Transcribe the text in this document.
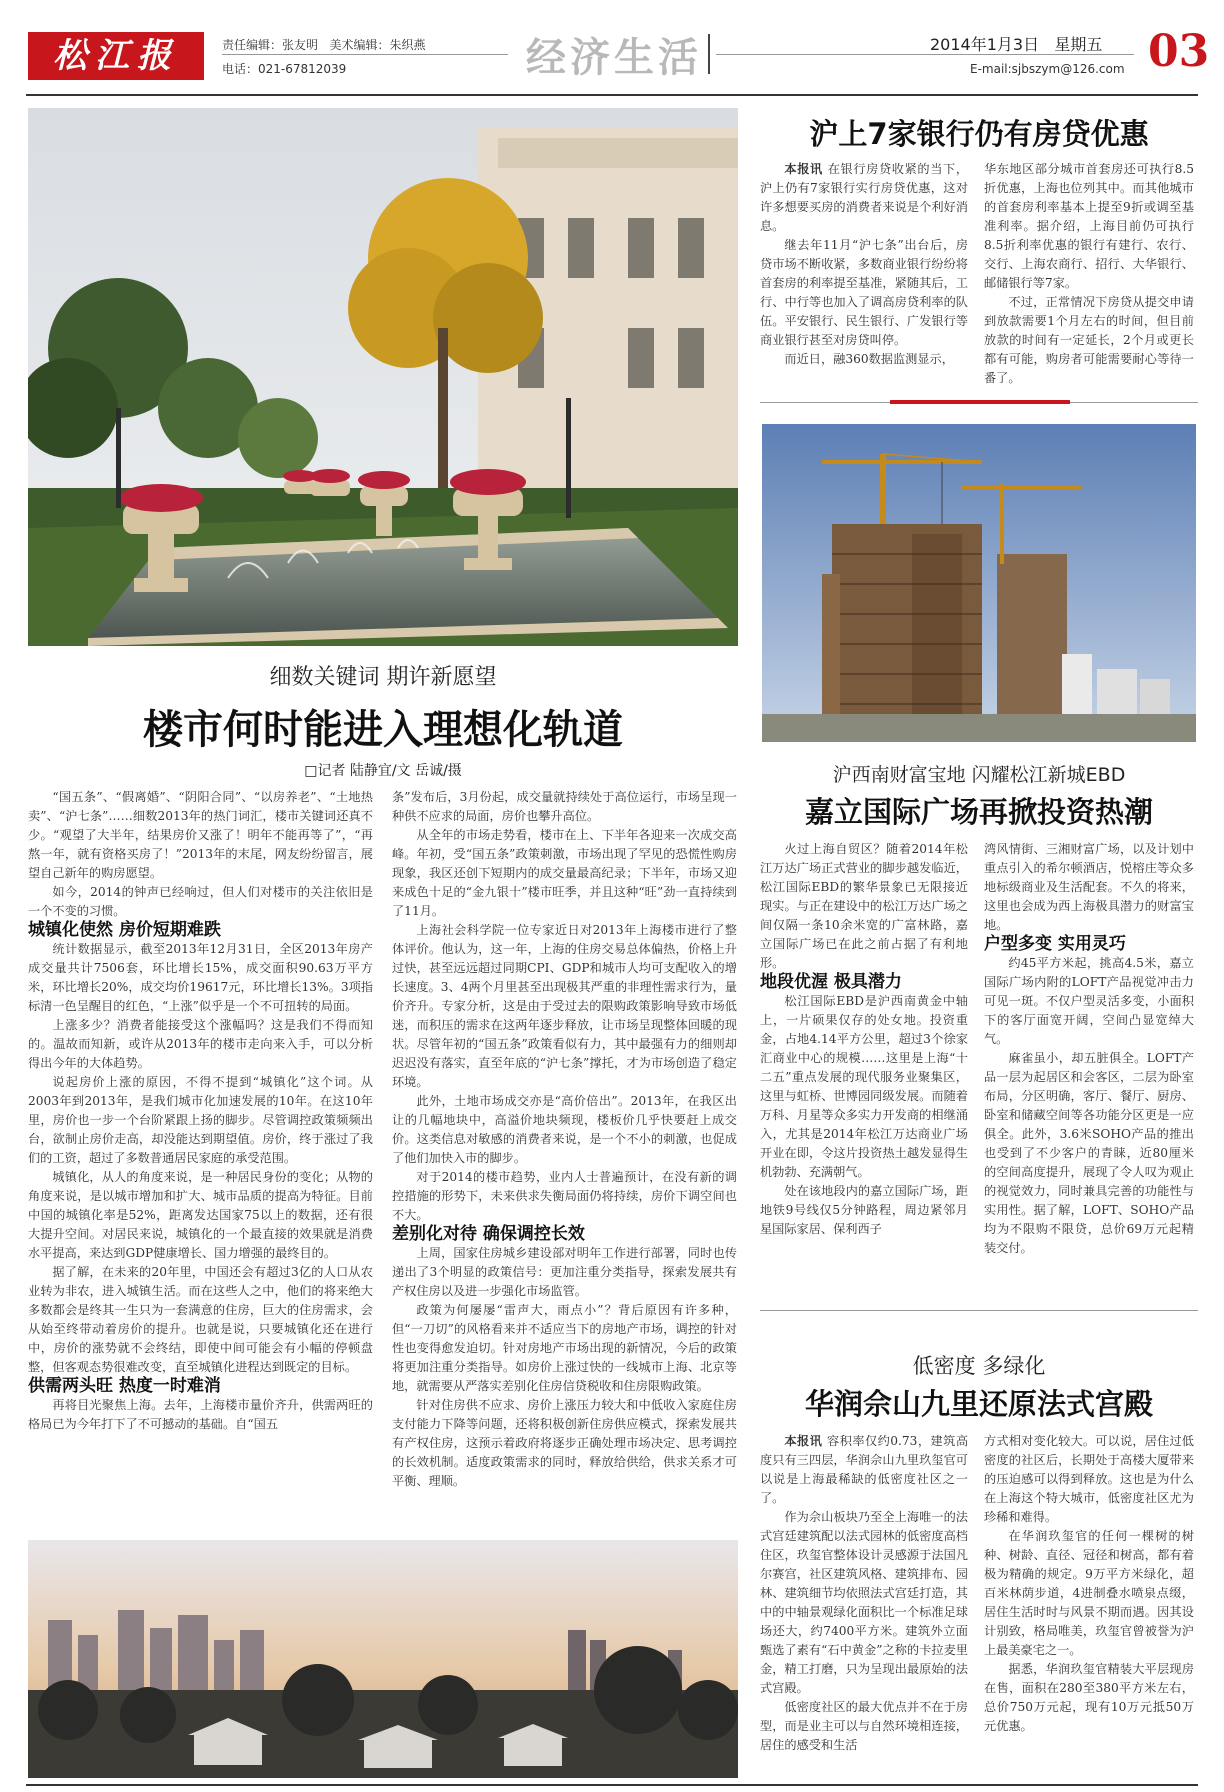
松江报	责任编辑：张友明 美术编辑：朱织燕
电话：021-67812039	经济生活	2014年1月3日 星期五
E-mail:sjbszym@126.com 03
细数关键词 期许新愿望
楼市何时能进入理想化轨道
□记者 陆静宜/文 岳诚/摄

“国五条”、“假离婚”、“阴阳合同”、“以房养老”、“土地热卖”、“沪七条”……细数2013年的热门词汇，楼市关键词还真不少。“观望了大半年，结果房价又涨了！明年不能再等了”，“再熬一年，就有资格买房了！”2013年的末尾，网友纷纷留言，展望自己新年的购房愿望。

如今，2014的钟声已经响过，但人们对楼市的关注依旧是一个不变的习惯。

城镇化使然 房价短期难跌

统计数据显示，截至2013年12月31日，全区2013年房产成交量共计7506套，环比增长15%，成交面积90.63万平方米，环比增长20%，成交均价19617元，环比增长13%。3项指标清一色呈醒目的红色，“上涨”似乎是一个不可扭转的局面。

上涨多少？消费者能接受这个涨幅吗？这是我们不得而知的。温故而知新，或许从2013年的楼市走向来入手，可以分析得出今年的大体趋势。

说起房价上涨的原因，不得不提到“城镇化”这个词。从2003年到2013年，是我们城市化加速发展的10年。在这10年里，房价也一步一个台阶紧跟上扬的脚步。尽管调控政策频频出台，欲制止房价走高，却没能达到期望值。房价，终于涨过了我们的工资，超过了多数普通居民家庭的承受范围。

城镇化，从人的角度来说，是一种居民身份的变化；从物的角度来说，是以城市增加和扩大、城市品质的提高为特征。目前中国的城镇化率是52%，距离发达国家75以上的数据，还有很大提升空间。对居民来说，城镇化的一个最直接的效果就是消费水平提高，来达到GDP健康增长、国力增强的最终目的。

据了解，在未来的20年里，中国还会有超过3亿的人口从农业转为非农，进入城镇生活。而在这些人之中，他们的将来绝大多数都会是终其一生只为一套满意的住房，巨大的住房需求，会从始至终带动着房价的提升。也就是说，只要城镇化还在进行中，房价的涨势就不会终结，即使中间可能会有小幅的停顿盘整，但客观态势很难改变，直至城镇化进程达到既定的目标。

供需两头旺 热度一时难消

再将目光聚焦上海。去年，上海楼市量价齐升，供需两旺的格局已为今年打下了不可撼动的基础。自“国五

条”发布后，3月份起，成交量就持续处于高位运行，市场呈现一种供不应求的局面，房价也攀升高位。

从全年的市场走势看，楼市在上、下半年各迎来一次成交高峰。年初，受“国五条”政策刺激，市场出现了罕见的恐慌性购房现象，我区还创下短期内的成交量最高纪录；下半年，市场又迎来成色十足的“金九银十”楼市旺季，并且这种“旺”劲一直持续到了11月。

上海社会科学院一位专家近日对2013年上海楼市进行了整体评价。他认为，这一年，上海的住房交易总体偏热，价格上升过快，甚至远远超过同期CPI、GDP和城市人均可支配收入的增长速度。3、4两个月里甚至出现极其严重的非理性需求行为，量价齐升。专家分析，这是由于受过去的限购政策影响导致市场低迷，而积压的需求在这两年逐步释放，让市场呈现整体回暖的现状。尽管年初的“国五条”政策看似有力，其中最强有力的细则却迟迟没有落实，直至年底的“沪七条”撑托，才为市场创造了稳定环境。

此外，土地市场成交亦是“高价倍出”。2013年，在我区出让的几幅地块中，高溢价地块频现，楼板价几乎快要赶上成交价。这类信息对敏感的消费者来说，是一个不小的刺激，也促成了他们加快入市的脚步。

对于2014的楼市趋势，业内人士普遍预计，在没有新的调控措施的形势下，未来供求失衡局面仍将持续，房价下调空间也不大。

差别化对待 确保调控长效

上周，国家住房城乡建设部对明年工作进行部署，同时也传递出了3个明显的政策信号：更加注重分类指导，探索发展共有产权住房以及进一步强化市场监管。

政策为何屡屡“雷声大，雨点小”？背后原因有许多种，但“一刀切”的风格看来并不适应当下的房地产市场，调控的针对性也变得愈发迫切。针对房地产市场出现的新情况，今后的政策将更加注重分类指导。如房价上涨过快的一线城市上海、北京等地，就需要从严落实差别化住房信贷税收和住房限购政策。

针对住房供不应求、房价上涨压力较大和中低收入家庭住房支付能力下降等问题，还将积极创新住房供应模式，探索发展共有产权住房，这预示着政府将逐步正确处理市场决定、思考调控的长效机制。适度政策需求的同时，释放给供给，供求关系才可平衡、理顺。

沪上7家银行仍有房贷优惠

本报讯 在银行房贷收紧的当下，沪上仍有7家银行实行房贷优惠，这对许多想要买房的消费者来说是个利好消息。

继去年11月“沪七条”出台后，房贷市场不断收紧，多数商业银行纷纷将首套房的利率提至基准，紧随其后，工行、中行等也加入了调高房贷利率的队伍。平安银行、民生银行、广发银行等商业银行甚至对房贷叫停。

而近日，融360数据监测显示，

华东地区部分城市首套房还可执行8.5折优惠，上海也位列其中。而其他城市的首套房利率基本上提至9折或调至基准利率。据介绍，上海目前仍可执行8.5折利率优惠的银行有建行、农行、交行、上海农商行、招行、大华银行、邮储银行等7家。

不过，正常情况下房贷从提交申请到放款需要1个月左右的时间，但目前放款的时间有一定延长，2个月或更长都有可能，购房者可能需要耐心等待一番了。

沪西南财富宝地 闪耀松江新城EBD
嘉立国际广场再掀投资热潮

火过上海自贸区？随着2014年松江万达广场正式营业的脚步越发临近，松江国际EBD的繁华景象已无限接近现实。与正在建设中的松江万达广场之间仅隔一条10余米宽的广富林路，嘉立国际广场已在此之前占据了有利地形。

地段优渥 极具潜力

松江国际EBD是沪西南黄金中轴上，一片硕果仅存的处女地。投资重金，占地4.14平方公里，超过3个徐家汇商业中心的规模……这里是上海“十二五”重点发展的现代服务业聚集区，这里与虹桥、世博园同级发展。而随着万科、月星等众多实力开发商的相继涌入，尤其是2014年松江万达商业广场开业在即，令这片投资热土越发显得生机勃勃、充满朝气。

处在该地段内的嘉立国际广场，距地铁9号线仅5分钟路程，周边紧邻月星国际家居、保利西子

湾风情街、三湘财富广场，以及计划中重点引入的希尔顿酒店，悦榕庄等众多地标级商业及生活配套。不久的将来，这里也会成为西上海极具潜力的财富宝地。

户型多变 实用灵巧

约45平方米起，挑高4.5米，嘉立国际广场内附的LOFT产品视觉冲击力可见一斑。不仅户型灵活多变，小面积下的客厅面宽开阔，空间凸显宽绰大气。

麻雀虽小，却五脏俱全。LOFT产品一层为起居区和会客区，二层为卧室布局，分区明确，客厅、餐厅、厨房、卧室和储藏空间等各功能分区更是一应俱全。此外，3.6米SOHO产品的推出也受到了不少客户的青睐，近80厘米的空间高度提升，展现了令人叹为观止的视觉效力，同时兼具完善的功能性与实用性。据了解，LOFT、SOHO产品均为不限购不限贷，总价69万元起精装交付。

低密度 多绿化
华润佘山九里还原法式宫殿

本报讯 容积率仅约0.73，建筑高度只有三四层，华润佘山九里玖玺官可以说是上海最稀缺的低密度社区之一了。

作为佘山板块乃至全上海唯一的法式宫廷建筑配以法式园林的低密度高档住区，玖玺官整体设计灵感源于法国凡尔赛宫，社区建筑风格、建筑排布、园林、建筑细节均依照法式宫廷打造，其中的中轴景观绿化面积比一个标准足球场还大，约7400平方米。建筑外立面甄选了素有“石中黄金”之称的卡拉麦里金，精工打磨，只为呈现出最原始的法式宫殿。

低密度社区的最大优点并不在于房型，而是业主可以与自然环境相连接，居住的感受和生活

方式相对变化较大。可以说，居住过低密度的社区后，长期处于高楼大厦带来的压迫感可以得到释放。这也是为什么在上海这个特大城市，低密度社区尤为珍稀和难得。

在华润玖玺官的任何一棵树的树种、树龄、直径、冠径和树高，都有着极为精确的规定。9万平方米绿化，超百米林荫步道，4进制叠水喷泉点缀，居住生活时时与风景不期而遇。因其设计别致，格局唯美，玖玺官曾被誉为沪上最美豪宅之一。

据悉，华润玖玺官精装大平层现房在售，面积在280至380平方米左右，总价750万元起，现有10万元抵50万元优惠。
